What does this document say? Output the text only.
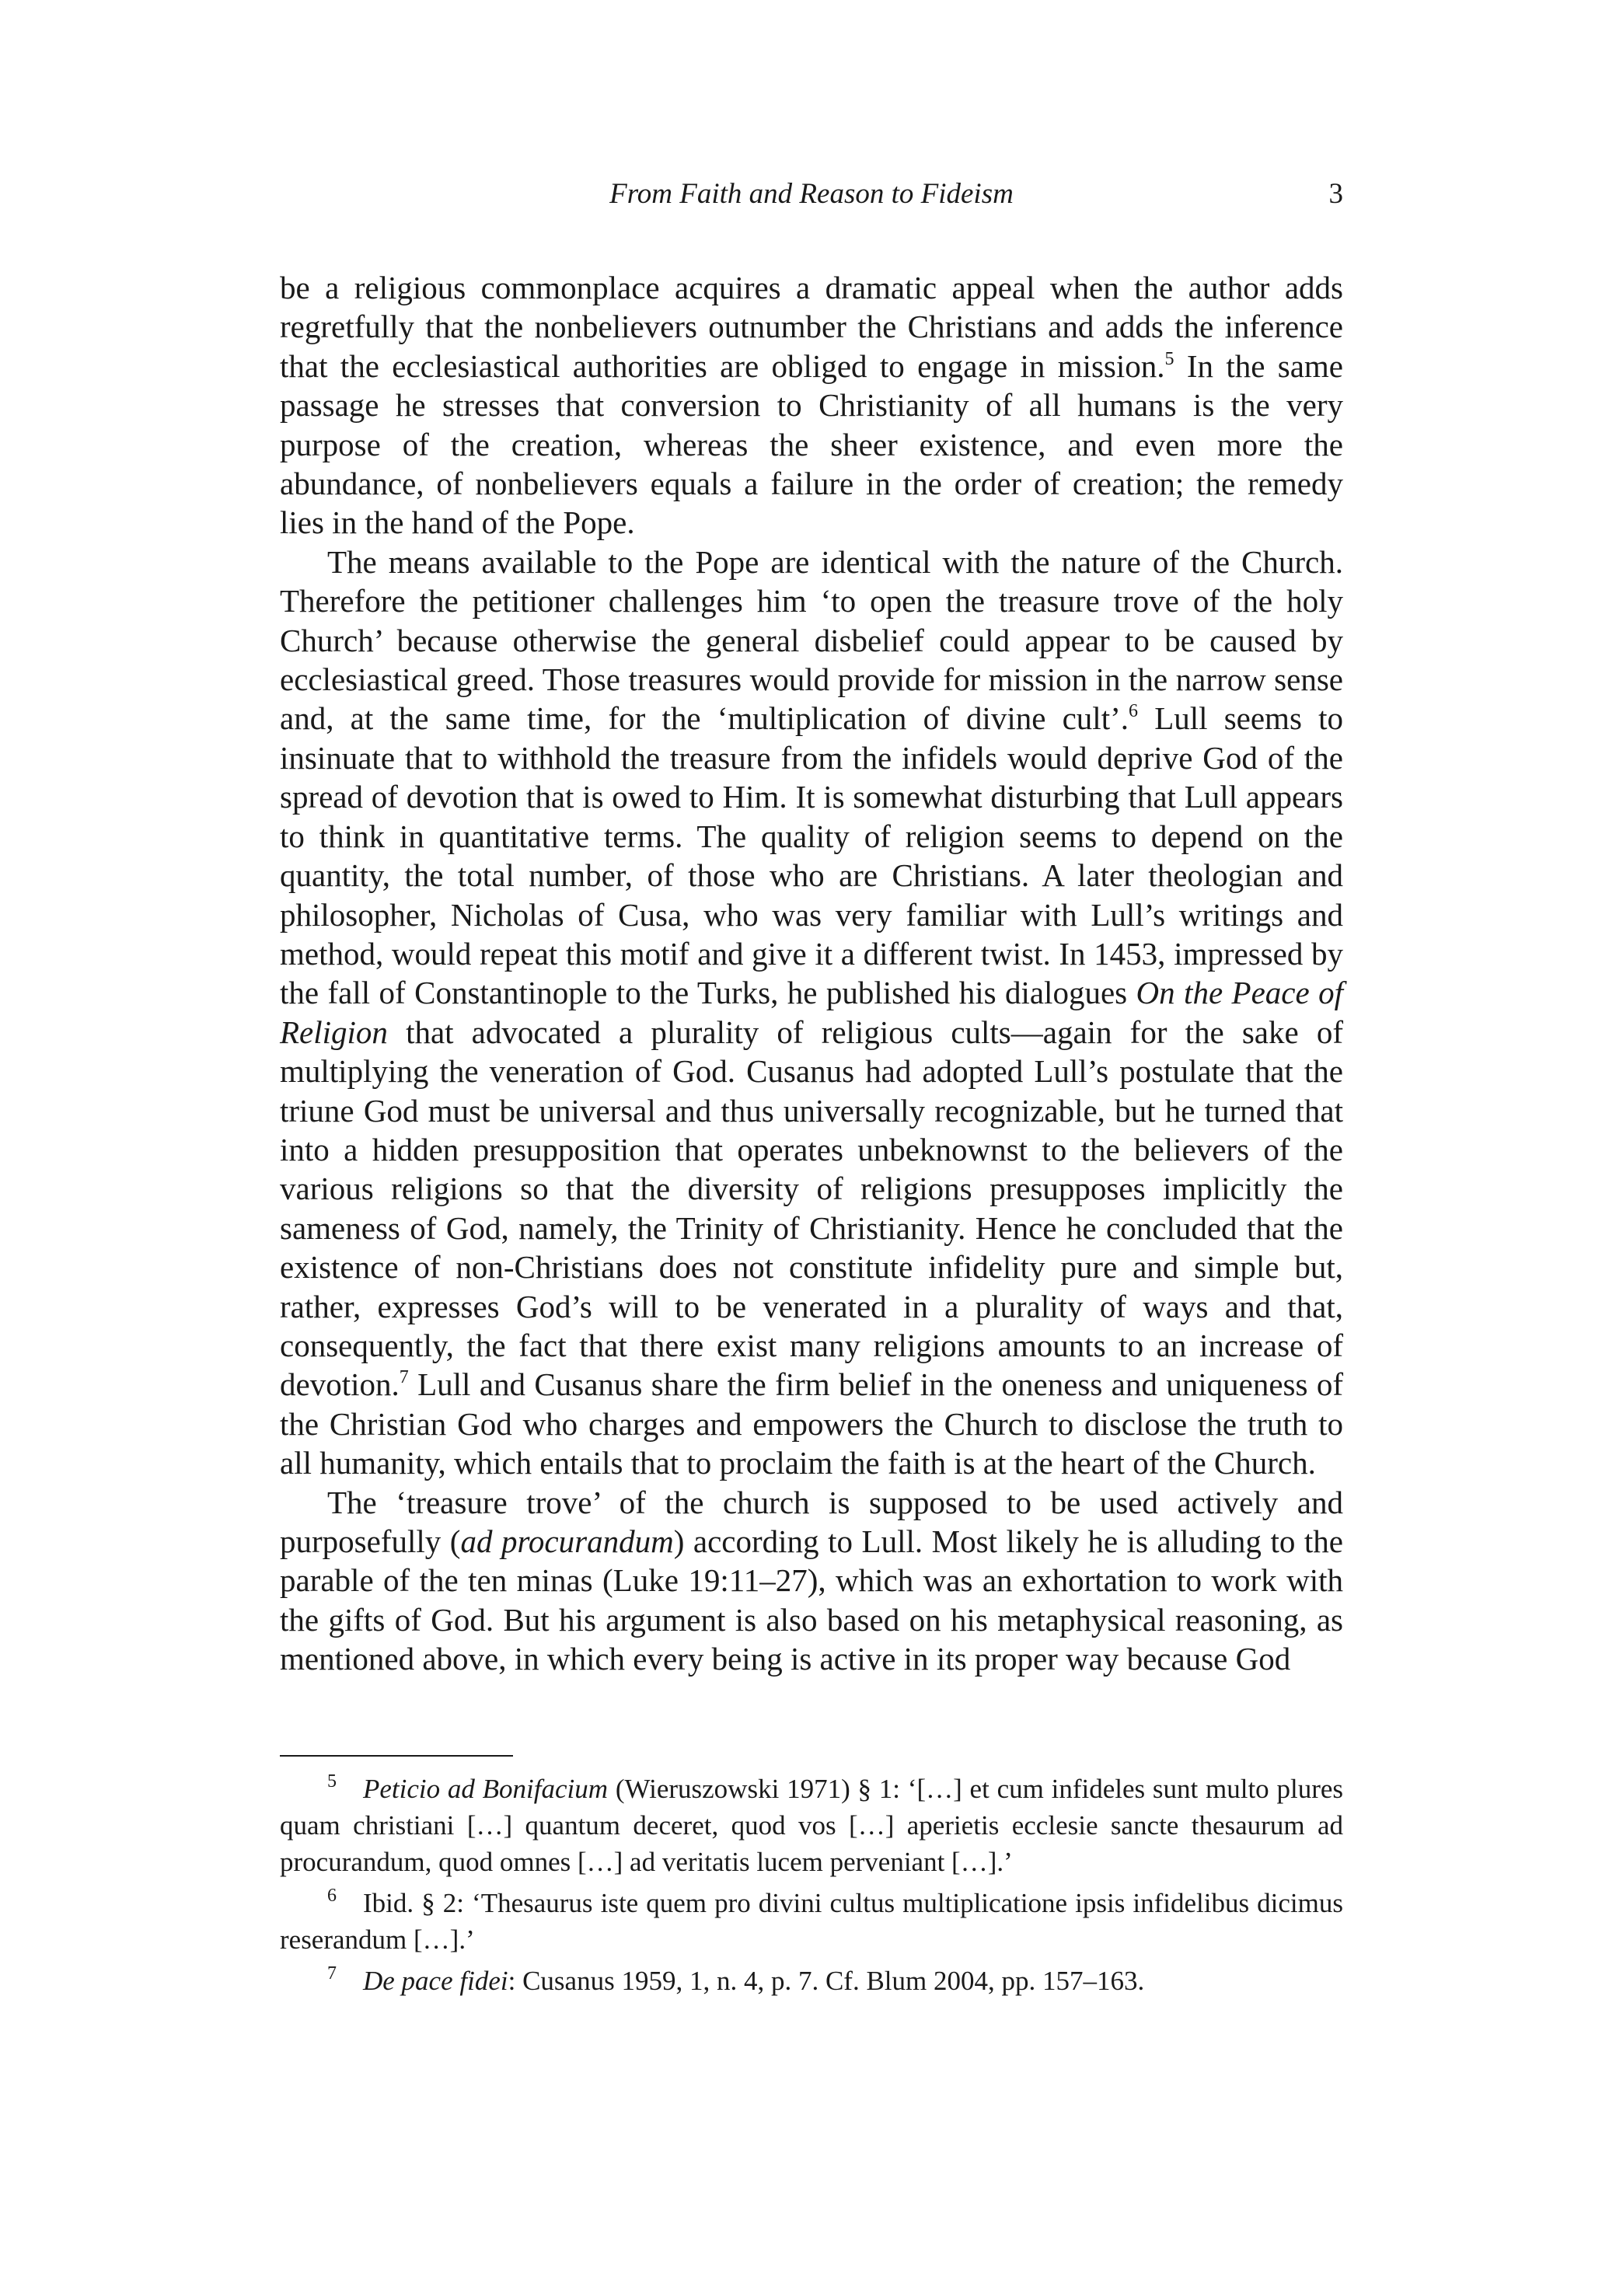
From Faith and Reason to Fideism	3

be a religious commonplace acquires a dramatic appeal when the author adds regretfully that the nonbelievers outnumber the Christians and adds the inference that the ecclesiastical authorities are obliged to engage in mission.$^5$ In the same passage he stresses that conversion to Christianity of all humans is the very purpose of the creation, whereas the sheer existence, and even more the abundance, of nonbelievers equals a failure in the order of creation; the remedy lies in the hand of the Pope.

The means available to the Pope are identical with the nature of the Church. Therefore the petitioner challenges him ‘to open the treasure trove of the holy Church’ because otherwise the general disbelief could appear to be caused by ecclesiastical greed. Those treasures would provide for mission in the narrow sense and, at the same time, for the ‘multiplication of divine cult’.$^6$ Lull seems to insinuate that to withhold the treasure from the infidels would deprive God of the spread of devotion that is owed to Him. It is somewhat disturbing that Lull appears to think in quantitative terms. The quality of religion seems to depend on the quantity, the total number, of those who are Christians. A later theologian and philosopher, Nicholas of Cusa, who was very familiar with Lull’s writings and method, would repeat this motif and give it a different twist. In 1453, impressed by the fall of Constantinople to the Turks, he published his dialogues On the Peace of Religion that advocated a plurality of religious cults—again for the sake of multiplying the veneration of God. Cusanus had adopted Lull’s postulate that the triune God must be universal and thus universally recognizable, but he turned that into a hidden presupposition that operates unbeknownst to the believers of the various religions so that the diversity of religions presupposes implicitly the sameness of God, namely, the Trinity of Christianity. Hence he concluded that the existence of non-Christians does not constitute infidelity pure and simple but, rather, expresses God’s will to be venerated in a plurality of ways and that, consequently, the fact that there exist many religions amounts to an increase of devotion.$^7$ Lull and Cusanus share the firm belief in the oneness and uniqueness of the Christian God who charges and empowers the Church to disclose the truth to all humanity, which entails that to proclaim the faith is at the heart of the Church.

The ‘treasure trove’ of the church is supposed to be used actively and purposefully (ad procurandum) according to Lull. Most likely he is alluding to the parable of the ten minas (Luke 19:11–27), which was an exhortation to work with the gifts of God. But his argument is also based on his metaphysical reasoning, as mentioned above, in which every being is active in its proper way because God

5 Peticio ad Bonifacium (Wieruszowski 1971) § 1: ‘[…] et cum infideles sunt multo plures quam christiani […] quantum deceret, quod vos […] aperietis ecclesie sancte thesaurum ad procurandum, quod omnes […] ad veritatis lucem perveniant […].’

6 Ibid. § 2: ‘Thesaurus iste quem pro divini cultus multiplicatione ipsis infidelibus dicimus reserandum […].’

7 De pace fidei: Cusanus 1959, 1, n. 4, p. 7. Cf. Blum 2004, pp. 157–163.
